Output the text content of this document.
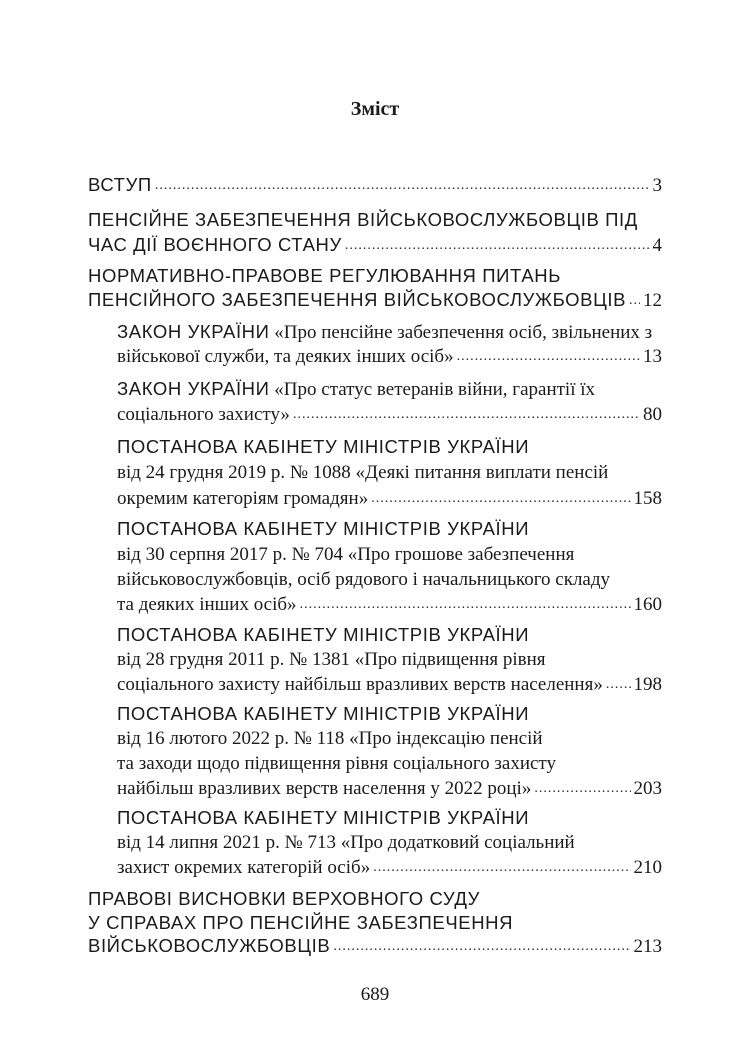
Зміст
ВСТУП .....	3
ПЕНСІЙНЕ ЗАБЕЗПЕЧЕННЯ ВІЙСЬКОВОСЛУЖБОВЦІВ ПІД
ЧАС ДІЇ ВОЄННОГО СТАНУ .....	4
НОРМАТИВНО-ПРАВОВЕ РЕГУЛЮВАННЯ ПИТАНЬ
ПЕНСІЙНОГО ЗАБЕЗПЕЧЕННЯ ВІЙСЬКОВОСЛУЖБОВЦІВ ..... 12
ЗАКОН УКРАЇНИ «Про пенсійне забезпечення осіб, звільнених з
військової служби, та деяких інших осіб» .....	13
ЗАКОН УКРАЇНИ «Про статус ветеранів війни, гарантії їх
соціального захисту» .....	80
ПОСТАНОВА КАБІНЕТУ МІНІСТРІВ УКРАЇНИ
від 24 грудня 2019 р. № 1088 «Деякі питання виплати пенсій
окремим категоріям громадян» .....	158
ПОСТАНОВА КАБІНЕТУ МІНІСТРІВ УКРАЇНИ
від 30 серпня 2017 р. № 704 «Про грошове забезпечення
військовослужбовців, осіб рядового і начальницького складу
та деяких інших осіб» .....	160
ПОСТАНОВА КАБІНЕТУ МІНІСТРІВ УКРАЇНИ
від 28 грудня 2011 р. № 1381 «Про підвищення рівня
соціального захисту найбільш вразливих верств населення» ..... 198
ПОСТАНОВА КАБІНЕТУ МІНІСТРІВ УКРАЇНИ
від 16 лютого 2022 р. № 118 «Про індексацію пенсій
та заходи щодо підвищення рівня соціального захисту
найбільш вразливих верств населення у 2022 році» .....	203
ПОСТАНОВА КАБІНЕТУ МІНІСТРІВ УКРАЇНИ
від 14 липня 2021 р. № 713 «Про додатковий соціальний
захист окремих категорій осіб» .....	210
ПРАВОВІ ВИСНОВКИ ВЕРХОВНОГО СУДУ
У СПРАВАХ ПРО ПЕНСІЙНЕ ЗАБЕЗПЕЧЕННЯ
ВІЙСЬКОВОСЛУЖБОВЦІВ .....	213
689
